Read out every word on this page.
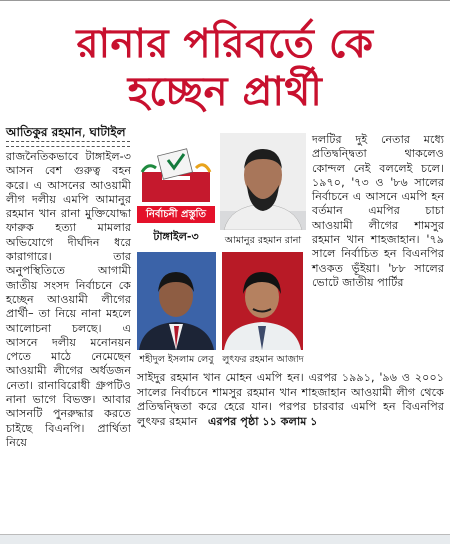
রানার পরিবর্তে কে
হচ্ছেন প্রার্থী
আতিকুর রহমান, ঘাটাইল

রাজনৈতিকভাবে টাঙ্গাইল-৩ আসন বেশ গুরুত্ব বহন করে। এ আসনের আওয়ামী লীগ দলীয় এমপি আমানুর রহমান খান রানা মুক্তিযোদ্ধা ফারুক হত্যা মামলার অভিযোগে দীর্ঘদিন ধরে কারাগারে। তার অনুপস্থিতিতে আগামী জাতীয় সংসদ নির্বাচনে কে হচ্ছেন আওয়ামী লীগের প্রার্থী– তা নিয়ে নানা মহলে আলোচনা চলছে। এ আসনে দলীয় মনোনয়ন পেতে মাঠে নেমেছেন আওয়ামী লীগের অর্ধডজন নেতা। রানাবিরোধী গ্রুপটিও নানা ভাগে বিভক্ত। আবার আসনটি পুনরুদ্ধার করতে চাইছে বিএনপি। প্রার্থিতা নিয়ে

নির্বাচনী প্রস্তুতি
টাঙ্গাইল-৩	আমানুর রহমান রানা

দলটির দুই নেতার মধ্যে প্রতিদ্বন্দ্বিতা থাকলেও কোন্দল নেই বললেই চলে। ১৯৭০, '৭৩ ও '৮৬ সালের নির্বাচনে এ আসনে এমপি হন বর্তমান এমপির চাচা আওয়ামী লীগের শামসুর রহমান খান শাহজাহান। '৭৯ সালে নির্বাচিত হন বিএনপির শওকত ভূঁইয়া। '৮৮ সালের ভোটে জাতীয় পার্টির

শহীদুল ইসলাম লেবু লুৎফর রহমান আজাদ

সাইদুর রহমান খান মোহন এমপি হন। এরপর ১৯৯১, '৯৬ ও ২০০১ সালের নির্বাচনে শামসুর রহমান খান শাহজাহান আওয়ামী লীগ থেকে প্রতিদ্বন্দ্বিতা করে হেরে যান। পরপর চারবার এমপি হন বিএনপির লুৎফর রহমান এরপর পৃষ্ঠা ১১ কলাম ১
